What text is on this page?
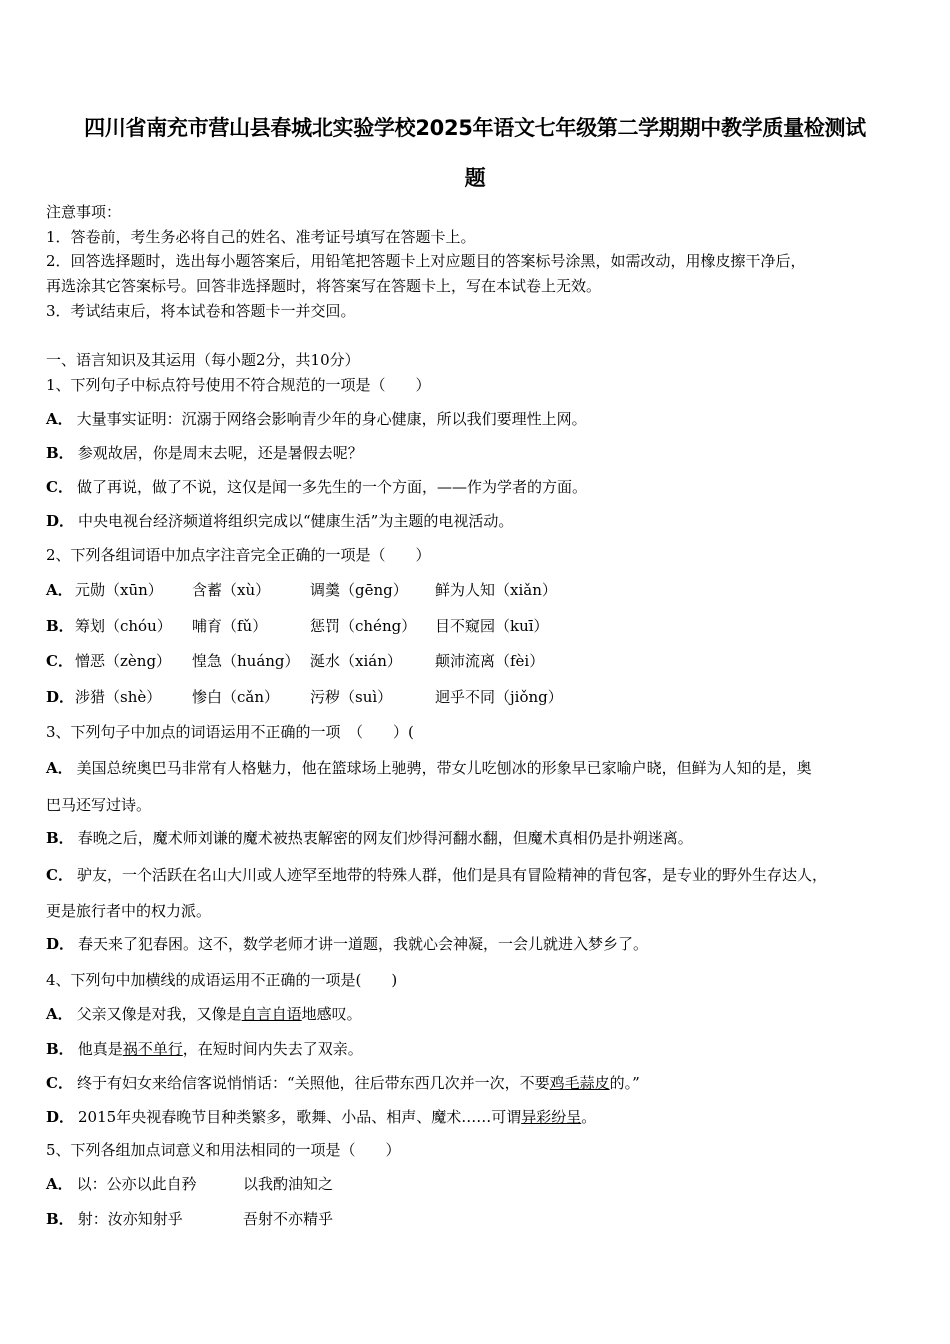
四川省南充市营山县春城北实验学校2025年语文七年级第二学期期中教学质量检测试
题
注意事项：
1．答卷前，考生务必将自己的姓名、准考证号填写在答题卡上。
2．回答选择题时，选出每小题答案后，用铅笔把答题卡上对应题目的答案标号涂黑，如需改动，用橡皮擦干净后，
再选涂其它答案标号。回答非选择题时，将答案写在答题卡上，写在本试卷上无效。
3．考试结束后，将本试卷和答题卡一并交回。
一、语言知识及其运用（每小题2分，共10分）
1、下列句子中标点符号使用不符合规范的一项是（　　）
A． 大量事实证明：沉溺于网络会影响青少年的身心健康，所以我们要理性上网。
B． 参观故居，你是周末去呢，还是暑假去呢？
C． 做了再说，做了不说，这仅是闻一多先生的一个方面，——作为学者的方面。
D． 中央电视台经济频道将组织完成以“健康生活”为主题的电视活动。
2、下列各组词语中加点字注音完全正确的一项是（　　）
A． 元勋（xūn） 含蓄（xù）	调羹（gēng） 鲜为人知（xiǎn）
B． 筹划（chóu） 哺育（fǔ）	惩罚（chéng） 目不窥园（kuī）
C． 憎恶（zèng） 惶急（huáng） 涎水（xián） 颠沛流离（fèi）
D． 涉猎（shè） 惨白（cǎn） 污秽（suì）	迥乎不同（jiǒng）
3、下列句子中加点的词语运用不正确的一项　（　　）(
A． 美国总统奥巴马非常有人格魅力，他在篮球场上驰骋，带女儿吃刨冰的形象早已家喻户晓，但鲜为人知的是，奥
巴马还写过诗。
B． 春晚之后，魔术师刘谦的魔术被热衷解密的网友们炒得河翻水翻，但魔术真相仍是扑朔迷离。
C． 驴友，一个活跃在名山大川或人迹罕至地带的特殊人群，他们是具有冒险精神的背包客，是专业的野外生存达人，
更是旅行者中的权力派。
D． 春天来了犯春困。这不，数学老师才讲一道题，我就心会神凝，一会儿就进入梦乡了。
4、下列句中加横线的成语运用不正确的一项是(　　)
A． 父亲又像是对我，又像是自言自语地感叹。
B． 他真是祸不单行，在短时间内失去了双亲。
C． 终于有妇女来给信客说悄悄话：“关照他，往后带东西几次并一次，不要鸡毛蒜皮的。”
D． 2015年央视春晚节目种类繁多，歌舞、小品、相声、魔术……可谓异彩纷呈。
5、下列各组加点词意义和用法相同的一项是（　　）
A． 以：公亦以此自矜	以我酌油知之
B． 射：汝亦知射乎	吾射不亦精乎
